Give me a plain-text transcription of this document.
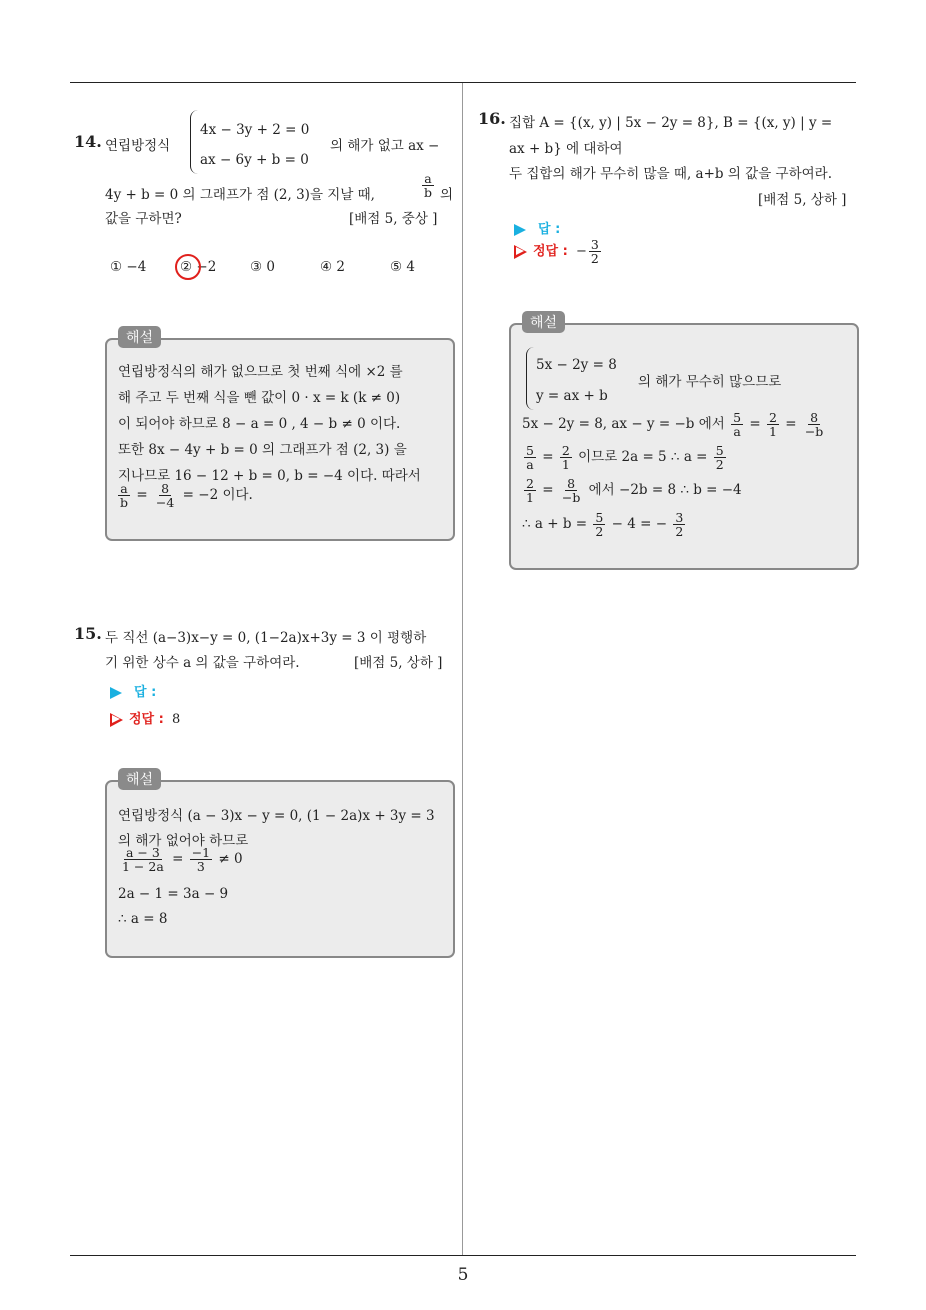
14. 연립방정식
4x − 3y + 2 = 0
ax − 6y + b = 0
의 해가 없고 ax −
4y + b = 0 의 그래프가 점 (2, 3)을 지날 때,	$\frac{a}{b}$ 의
값을 구하면?	[배점 5, 중상 ]
① −4 ② −2 ③ 0	④ 2	⑤ 4
해설
연립방정식의 해가 없으므로 첫 번째 식에 ×2 를
해 주고 두 번째 식을 뺀 값이 0 · x = k (k ≠ 0)
이 되어야 하므로 8 − a = 0 , 4 − b ≠ 0 이다.
또한 8x − 4y + b = 0 의 그래프가 점 (2, 3) 을
지나므로 16 − 12 + b = 0, b = −4 이다. 따라서
$\frac{a}{b} = \frac{8}{-4} = -2$ 이다.
15. 두 직선 (a−3)x−y = 0, (1−2a)x+3y = 3 이 평행하
기 위한 상수 a 의 값을 구하여라.	[배점 5, 상하 ]
답 :
정답 : 8
해설
연립방정식 (a − 3)x − y = 0, (1 − 2a)x + 3y = 3
의 해가 없어야 하므로
$\frac{a - 3}{1 - 2a} = \frac{-1}{3} \ne 0$
2a − 1 = 3a − 9
∴ a = 8
16. 집합 A = {(x, y) | 5x − 2y = 8}, B = {(x, y) | y =
ax + b} 에 대하여
두 집합의 해가 무수히 많을 때, a+b 의 값을 구하여라.
[배점 5, 상하 ]
답 :
정답 : − $\frac{3}{2}$
해설
5x − 2y = 8
y = ax + b
의 해가 무수히 많으므로
5x − 2y = 8, ax − y = −b 에서 $\frac{5}{a} = \frac{2}{1} = \frac{8}{-b}$
$\frac{5}{a} = \frac{2}{1}$ 이므로 2a = 5 ∴ $a = \frac{5}{2}$
$\frac{2}{1} = \frac{8}{-b}$ 에서 −2b = 8 ∴ b = −4
∴ $a + b = \frac{5}{2} - 4$ = − $\frac{3}{2}$
5
